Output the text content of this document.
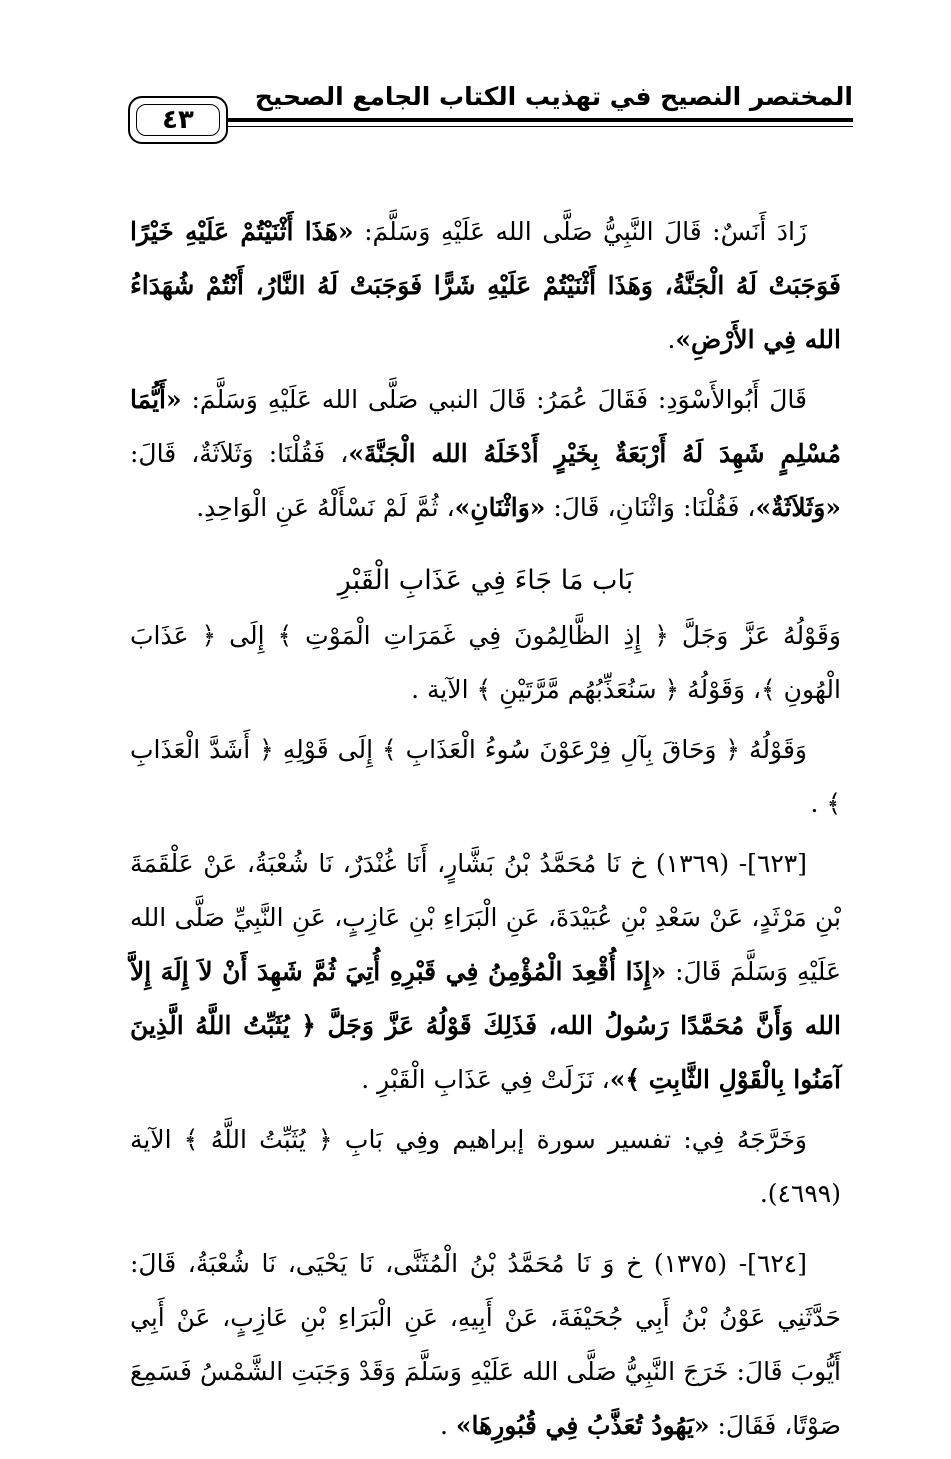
المختصر النصيح في تهذيب الكتاب الجامع الصحيح
٤٣

زَادَ أَنَسٌ: قَالَ النَّبِيُّ صَلَّى الله عَلَيْهِ وَسَلَّمَ: «هَذَا أَثْنَيْتُمْ عَلَيْهِ خَيْرًا فَوَجَبَتْ لَهُ الْجَنَّةُ، وَهَذَا أَثْنَيْتُمْ عَلَيْهِ شَرًّا فَوَجَبَتْ لَهُ النَّارُ، أَنْتُمْ شُهَدَاءُ الله فِي الأَرْضِ».

قَالَ أَبُوالأَسْوَدِ: فَقَالَ عُمَرُ: قَالَ النبي صَلَّى الله عَلَيْهِ وَسَلَّمَ: «أَيُّمَا مُسْلِمٍ شَهِدَ لَهُ أَرْبَعَةٌ بِخَيْرٍ أَدْخَلَهُ الله الْجَنَّةَ»، فَقُلْنَا: وَثَلاَثَةٌ، قَالَ: «وَثَلاَثَةٌ»، فَقُلْنَا: وَاثْنَانِ، قَالَ: «وَاثْنَانِ»، ثُمَّ لَمْ نَسْأَلْهُ عَنِ الْوَاحِدِ.

بَاب مَا جَاءَ فِي عَذَابِ الْقَبْرِ

وَقَوْلُهُ عَزَّ وَجَلَّ ﴿ إِذِ الظَّالِمُونَ فِي غَمَرَاتِ الْمَوْتِ ﴾ إِلَى ﴿ عَذَابَ الْهُونِ ﴾، وَقَوْلُهُ ﴿ سَنُعَذِّبُهُم مَّرَّتَيْنِ ﴾ الآية .

وَقَوْلُهُ ﴿ وَحَاقَ بِآلِ فِرْعَوْنَ سُوءُ الْعَذَابِ ﴾ إِلَى قَوْلِهِ ﴿ أَشَدَّ الْعَذَابِ ﴾ .

[٦٢٣]- (١٣٦٩) خ نَا مُحَمَّدُ بْنُ بَشَّارٍ، أَنَا غُنْدَرٌ، نَا شُعْبَةُ، عَنْ عَلْقَمَةَ بْنِ مَرْثَدٍ، عَنْ سَعْدِ بْنِ عُبَيْدَةَ، عَنِ الْبَرَاءِ بْنِ عَازِبٍ، عَنِ النَّبِيِّ صَلَّى الله عَلَيْهِ وَسَلَّمَ قَالَ: «إِذَا أُقْعِدَ الْمُؤْمِنُ فِي قَبْرِهِ أُتِيَ ثُمَّ شَهِدَ أَنْ لاَ إِلَهَ إِلاَّ الله وَأَنَّ مُحَمَّدًا رَسُولُ الله، فَذَلِكَ قَوْلُهُ عَزَّ وَجَلَّ ﴿ يُثَبِّتُ اللَّهُ الَّذِينَ آمَنُوا بِالْقَوْلِ الثَّابِتِ ﴾»، نَزَلَتْ فِي عَذَابِ الْقَبْرِ .

وَخَرَّجَهُ فِي: تفسير سورة إبراهيم وفِي بَابِ ﴿ يُثَبِّتُ اللَّهُ ﴾ الآية (٤٦٩٩).

[٦٢٤]- (١٣٧٥) خ وَ نَا مُحَمَّدُ بْنُ الْمُثَنَّى، نَا يَحْيَى، نَا شُعْبَةُ، قَالَ: حَدَّثَنِي عَوْنُ بْنُ أَبِي جُحَيْفَةَ، عَنْ أَبِيهِ، عَنِ الْبَرَاءِ بْنِ عَازِبٍ، عَنْ أَبِي أَيُّوبَ قَالَ: خَرَجَ النَّبِيُّ صَلَّى الله عَلَيْهِ وَسَلَّمَ وَقَدْ وَجَبَتِ الشَّمْسُ فَسَمِعَ صَوْتًا، فَقَالَ: «يَهُودُ تُعَذَّبُ فِي قُبُورِهَا» .
